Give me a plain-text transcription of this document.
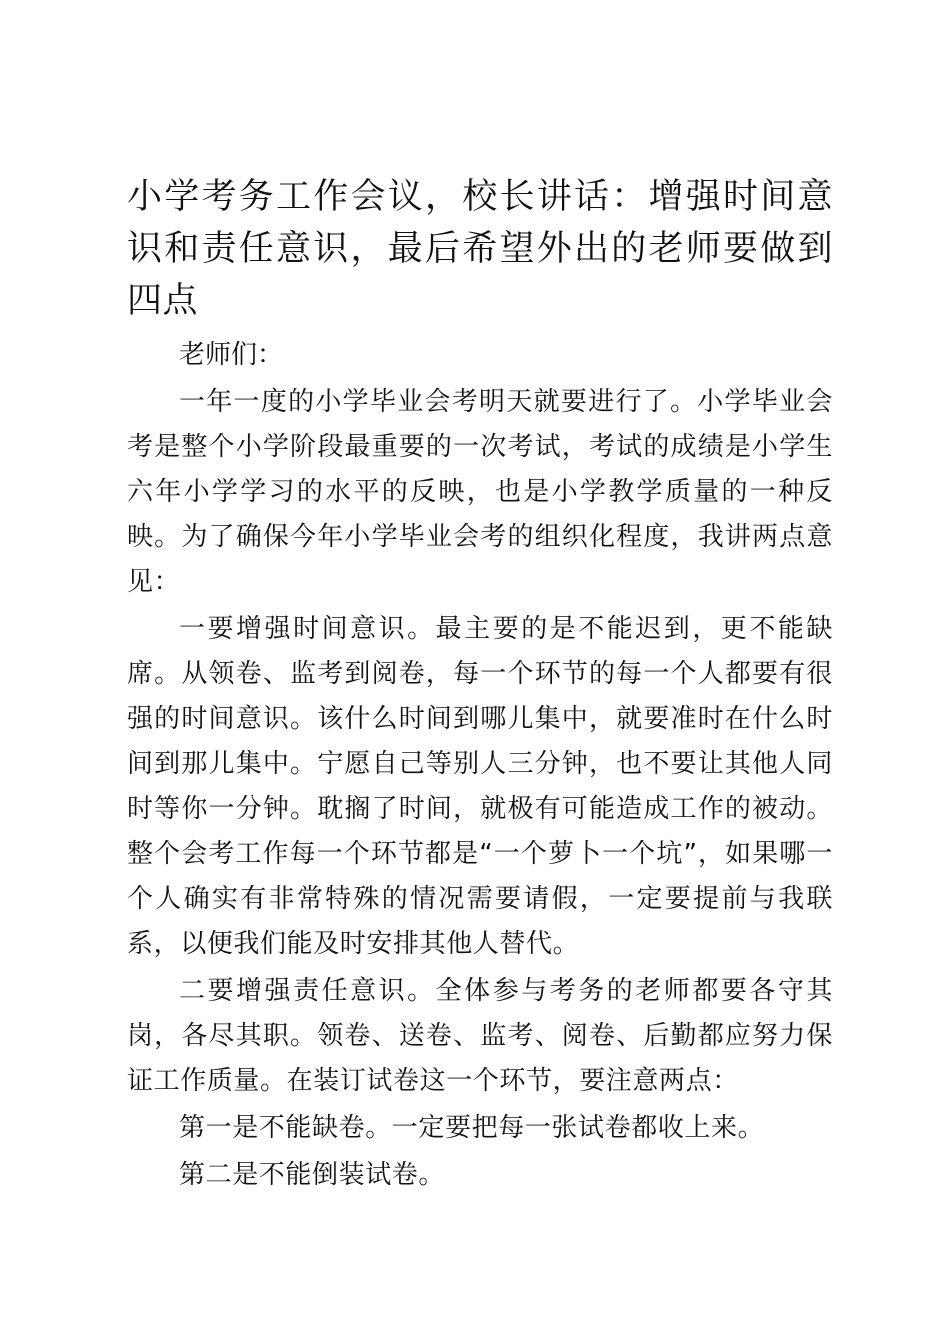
小学考务工作会议，校长讲话：增强时间意识和责任意识，最后希望外出的老师要做到四点

老师们：

一年一度的小学毕业会考明天就要进行了。小学毕业会考是整个小学阶段最重要的一次考试，考试的成绩是小学生六年小学学习的水平的反映，也是小学教学质量的一种反映。为了确保今年小学毕业会考的组织化程度，我讲两点意见：

一要增强时间意识。最主要的是不能迟到，更不能缺席。从领卷、监考到阅卷，每一个环节的每一个人都要有很强的时间意识。该什么时间到哪儿集中，就要准时在什么时间到那儿集中。宁愿自己等别人三分钟，也不要让其他人同时等你一分钟。耽搁了时间，就极有可能造成工作的被动。整个会考工作每一个环节都是“一个萝卜一个坑”，如果哪一个人确实有非常特殊的情况需要请假，一定要提前与我联系，以便我们能及时安排其他人替代。

二要增强责任意识。全体参与考务的老师都要各守其岗，各尽其职。领卷、送卷、监考、阅卷、后勤都应努力保证工作质量。在装订试卷这一个环节，要注意两点：

第一是不能缺卷。一定要把每一张试卷都收上来。

第二是不能倒装试卷。
